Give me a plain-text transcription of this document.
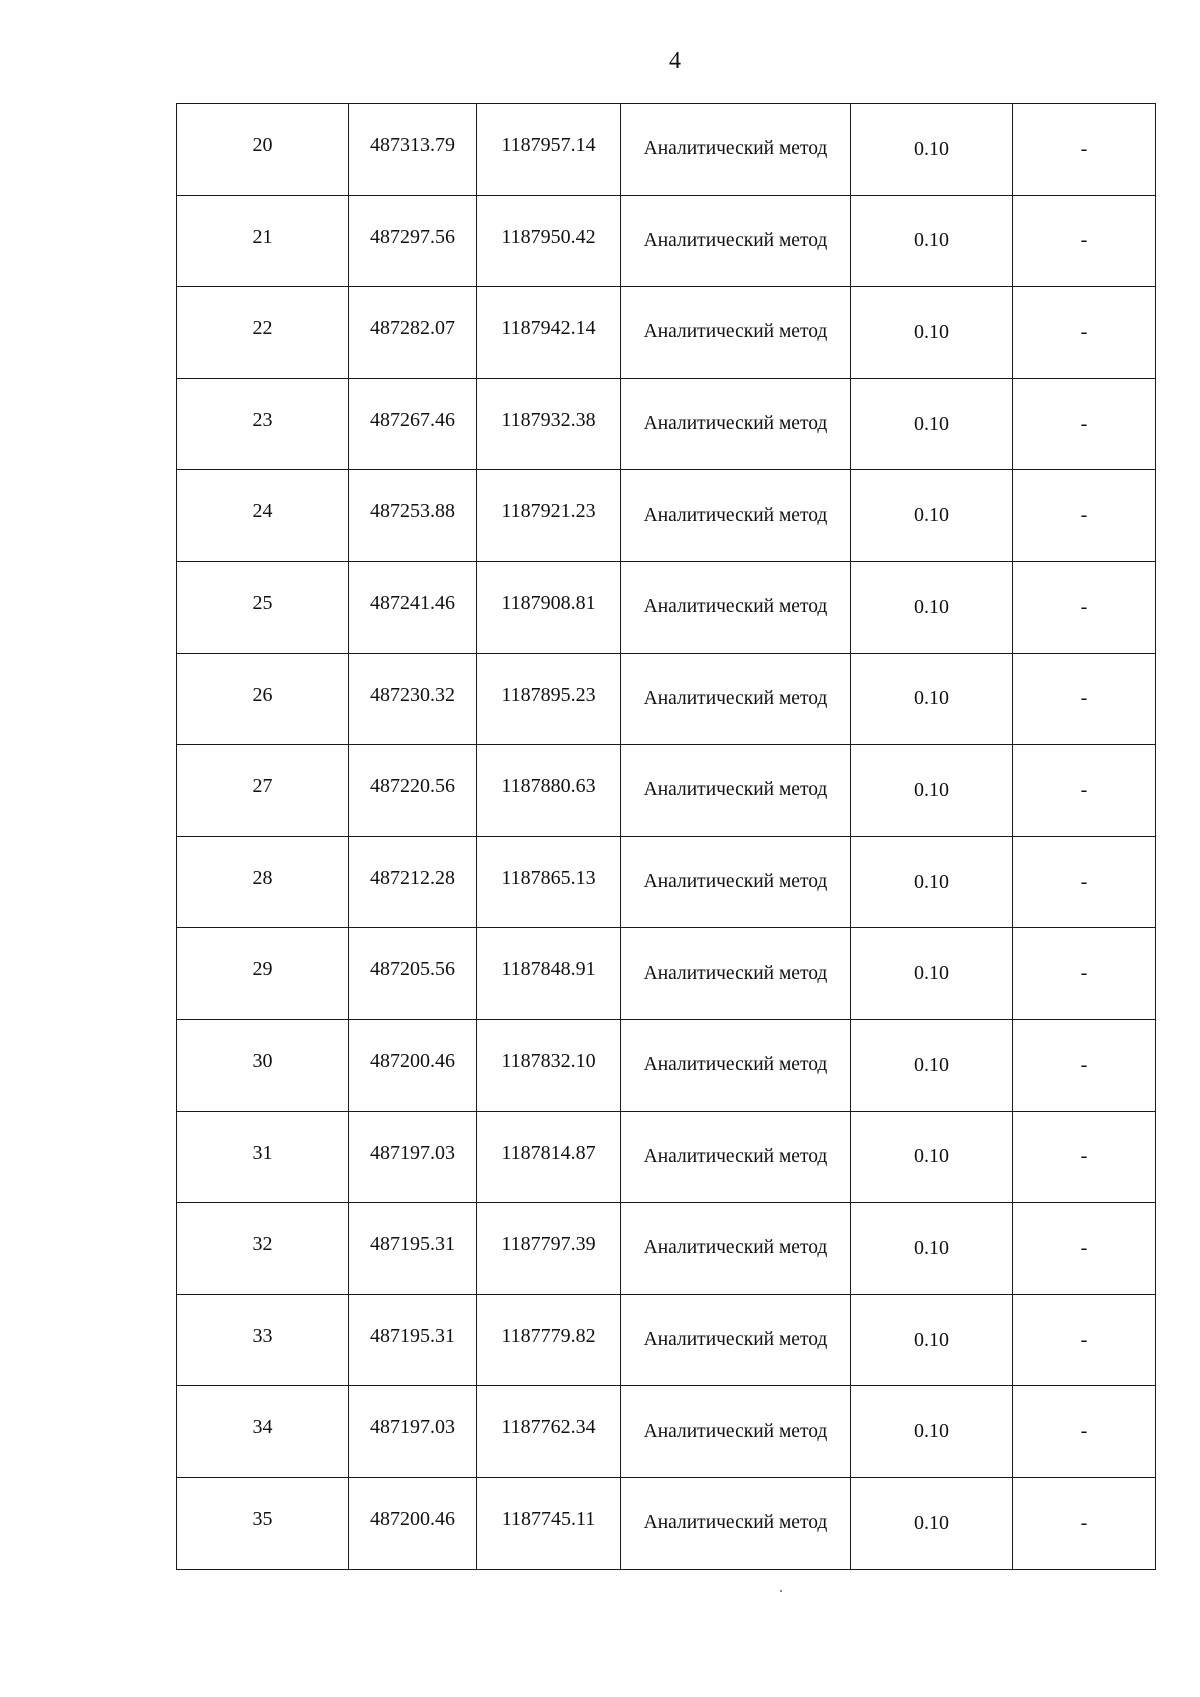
4
20	487313.79	1187957.14	Аналитический метод	0.10	-
21	487297.56	1187950.42	Аналитический метод	0.10	-
22	487282.07	1187942.14	Аналитический метод	0.10	-
23	487267.46	1187932.38	Аналитический метод	0.10	-
24	487253.88	1187921.23	Аналитический метод	0.10	-
25	487241.46	1187908.81	Аналитический метод	0.10	-
26	487230.32	1187895.23	Аналитический метод	0.10	-
27	487220.56	1187880.63	Аналитический метод	0.10	-
28	487212.28	1187865.13	Аналитический метод	0.10	-
29	487205.56	1187848.91	Аналитический метод	0.10	-
30	487200.46	1187832.10	Аналитический метод	0.10	-
31	487197.03	1187814.87	Аналитический метод	0.10	-
32	487195.31	1187797.39	Аналитический метод	0.10	-
33	487195.31	1187779.82	Аналитический метод	0.10	-
34	487197.03	1187762.34	Аналитический метод	0.10	-
35	487200.46	1187745.11	Аналитический метод	0.10	-
